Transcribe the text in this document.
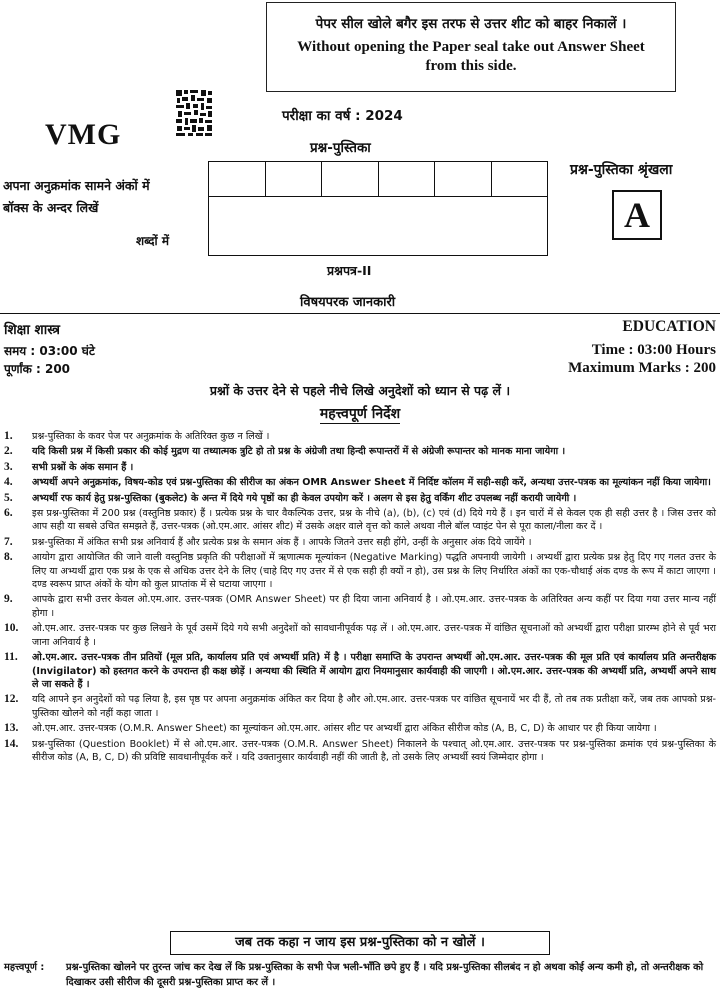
पेपर सील खोले बगैर इस तरफ से उत्तर शीट को बाहर निकालें ।
Without opening the Paper seal take out Answer Sheet
from this side.
परीक्षा का वर्ष : 2024
VMG	प्रश्न-पुस्तिका
प्रश्न-पुस्तिका श्रृंखला
A
अपना अनुक्रमांक सामने अंकों में
बॉक्स के अन्दर लिखें
शब्दों में
प्रश्नपत्र-II
विषयपरक जानकारी
शिक्षा शास्त्र
समय : 03:00 घंटे
पूर्णांक : 200
EDUCATION
Time : 03:00 Hours
Maximum Marks : 200
प्रश्नों के उत्तर देने से पहले नीचे लिखे अनुदेशों को ध्यान से पढ़ लें ।
महत्त्वपूर्ण निर्देश
1.	प्रश्न-पुस्तिका के कवर पेज पर अनुक्रमांक के अतिरिक्त कुछ न लिखें ।
2.	यदि किसी प्रश्न में किसी प्रकार की कोई मुद्रण या तथ्यात्मक त्रुटि हो तो प्रश्न के अंग्रेजी तथा हिन्दी रूपान्तरों में से अंग्रेजी रूपान्तर को मानक माना जायेगा ।
3.	सभी प्रश्नों के अंक समान हैं ।
4.	अभ्यर्थी अपने अनुक्रमांक, विषय-कोड एवं प्रश्न-पुस्तिका की सीरीज का अंकन OMR Answer Sheet में निर्दिष्ट कॉलम में सही-सही करें, अन्यथा उत्तर-पत्रक का मूल्यांकन नहीं किया जायेगा।
5.	अभ्यर्थी रफ कार्य हेतु प्रश्न-पुस्तिका (बुकलेट) के अन्त में दिये गये पृष्ठों का ही केवल उपयोग करें । अलग से इस हेतु वर्किंग शीट उपलब्ध नहीं करायी जायेगी ।
6.	इस प्रश्न-पुस्तिका में 200 प्रश्न (वस्तुनिष्ठ प्रकार) हैं । प्रत्येक प्रश्न के चार वैकल्पिक उत्तर, प्रश्न के नीचे (a), (b), (c) एवं (d) दिये गये हैं । इन चारों में से केवल एक ही सही उत्तर है । जिस उत्तर को आप सही या सबसे उचित समझते हैं, उत्तर-पत्रक (ओ.एम.आर. आंसर शीट) में उसके अक्षर वाले वृत्त को काले अथवा नीले बॉल प्वाइंट पेन से पूरा काला/नीला कर दें ।
7.	प्रश्न-पुस्तिका में अंकित सभी प्रश्न अनिवार्य हैं और प्रत्येक प्रश्न के समान अंक हैं । आपके जितने उत्तर सही होंगे, उन्हीं के अनुसार अंक दिये जायेंगे ।
8.	आयोग द्वारा आयोजित की जाने वाली वस्तुनिष्ठ प्रकृति की परीक्षाओं में ऋणात्मक मूल्यांकन (Negative Marking) पद्धति अपनायी जायेगी । अभ्यर्थी द्वारा प्रत्येक प्रश्न हेतु दिए गए गलत उत्तर के लिए या अभ्यर्थी द्वारा एक प्रश्न के एक से अधिक उत्तर देने के लिए (चाहे दिए गए उत्तर में से एक सही ही क्यों न हो), उस प्रश्न के लिए निर्धारित अंकों का एक-चौथाई अंक दण्ड के रूप में काटा जाएगा । दण्ड स्वरूप प्राप्त अंकों के योग को कुल प्राप्तांक में से घटाया जाएगा ।
9.	आपके द्वारा सभी उत्तर केवल ओ.एम.आर. उत्तर-पत्रक (OMR Answer Sheet) पर ही दिया जाना अनिवार्य है । ओ.एम.आर. उत्तर-पत्रक के अतिरिक्त अन्य कहीं पर दिया गया उत्तर मान्य नहीं होगा ।
10.	ओ.एम.आर. उत्तर-पत्रक पर कुछ लिखने के पूर्व उसमें दिये गये सभी अनुदेशों को सावधानीपूर्वक पढ़ लें । ओ.एम.आर. उत्तर-पत्रक में वांछित सूचनाओं को अभ्यर्थी द्वारा परीक्षा प्रारम्भ होने से पूर्व भरा जाना अनिवार्य है ।
11.	ओ.एम.आर. उत्तर-पत्रक तीन प्रतियों (मूल प्रति, कार्यालय प्रति एवं अभ्यर्थी प्रति) में है । परीक्षा समाप्ति के उपरान्त अभ्यर्थी ओ.एम.आर. उत्तर-पत्रक की मूल प्रति एवं कार्यालय प्रति अन्तरीक्षक (Invigilator) को हस्तगत करने के उपरान्त ही कक्ष छोड़ें । अन्यथा की स्थिति में आयोग द्वारा नियमानुसार कार्यवाही की जाएगी । ओ.एम.आर. उत्तर-पत्रक की अभ्यर्थी प्रति, अभ्यर्थी अपने साथ ले जा सकते हैं ।
12.	यदि आपने इन अनुदेशों को पढ़ लिया है, इस पृष्ठ पर अपना अनुक्रमांक अंकित कर दिया है और ओ.एम.आर. उत्तर-पत्रक पर वांछित सूचनायें भर दी हैं, तो तब तक प्रतीक्षा करें, जब तक आपको प्रश्न-पुस्तिका खोलने को नहीं कहा जाता ।
13.	ओ.एम.आर. उत्तर-पत्रक (O.M.R. Answer Sheet) का मूल्यांकन ओ.एम.आर. आंसर शीट पर अभ्यर्थी द्वारा अंकित सीरीज कोड (A, B, C, D) के आधार पर ही किया जायेगा ।
14.	प्रश्न-पुस्तिका (Question Booklet) में से ओ.एम.आर. उत्तर-पत्रक (O.M.R. Answer Sheet) निकालने के पश्चात् ओ.एम.आर. उत्तर-पत्रक पर प्रश्न-पुस्तिका क्रमांक एवं प्रश्न-पुस्तिका के सीरीज कोड (A, B, C, D) की प्रविष्टि सावधानीपूर्वक करें । यदि उक्तानुसार कार्यवाही नहीं की जाती है, तो उसके लिए अभ्यर्थी स्वयं जिम्मेदार होगा ।
जब तक कहा न जाय इस प्रश्न-पुस्तिका को न खोलें ।
महत्त्वपूर्ण :	प्रश्न-पुस्तिका खोलने पर तुरन्त जांच कर देख लें कि प्रश्न-पुस्तिका के सभी पेज भली-भाँति छपे हुए हैं । यदि प्रश्न-पुस्तिका सीलबंद न हो अथवा कोई अन्य कमी हो, तो अन्तरीक्षक को दिखाकर उसी सीरीज की दूसरी प्रश्न-पुस्तिका प्राप्त कर लें ।
